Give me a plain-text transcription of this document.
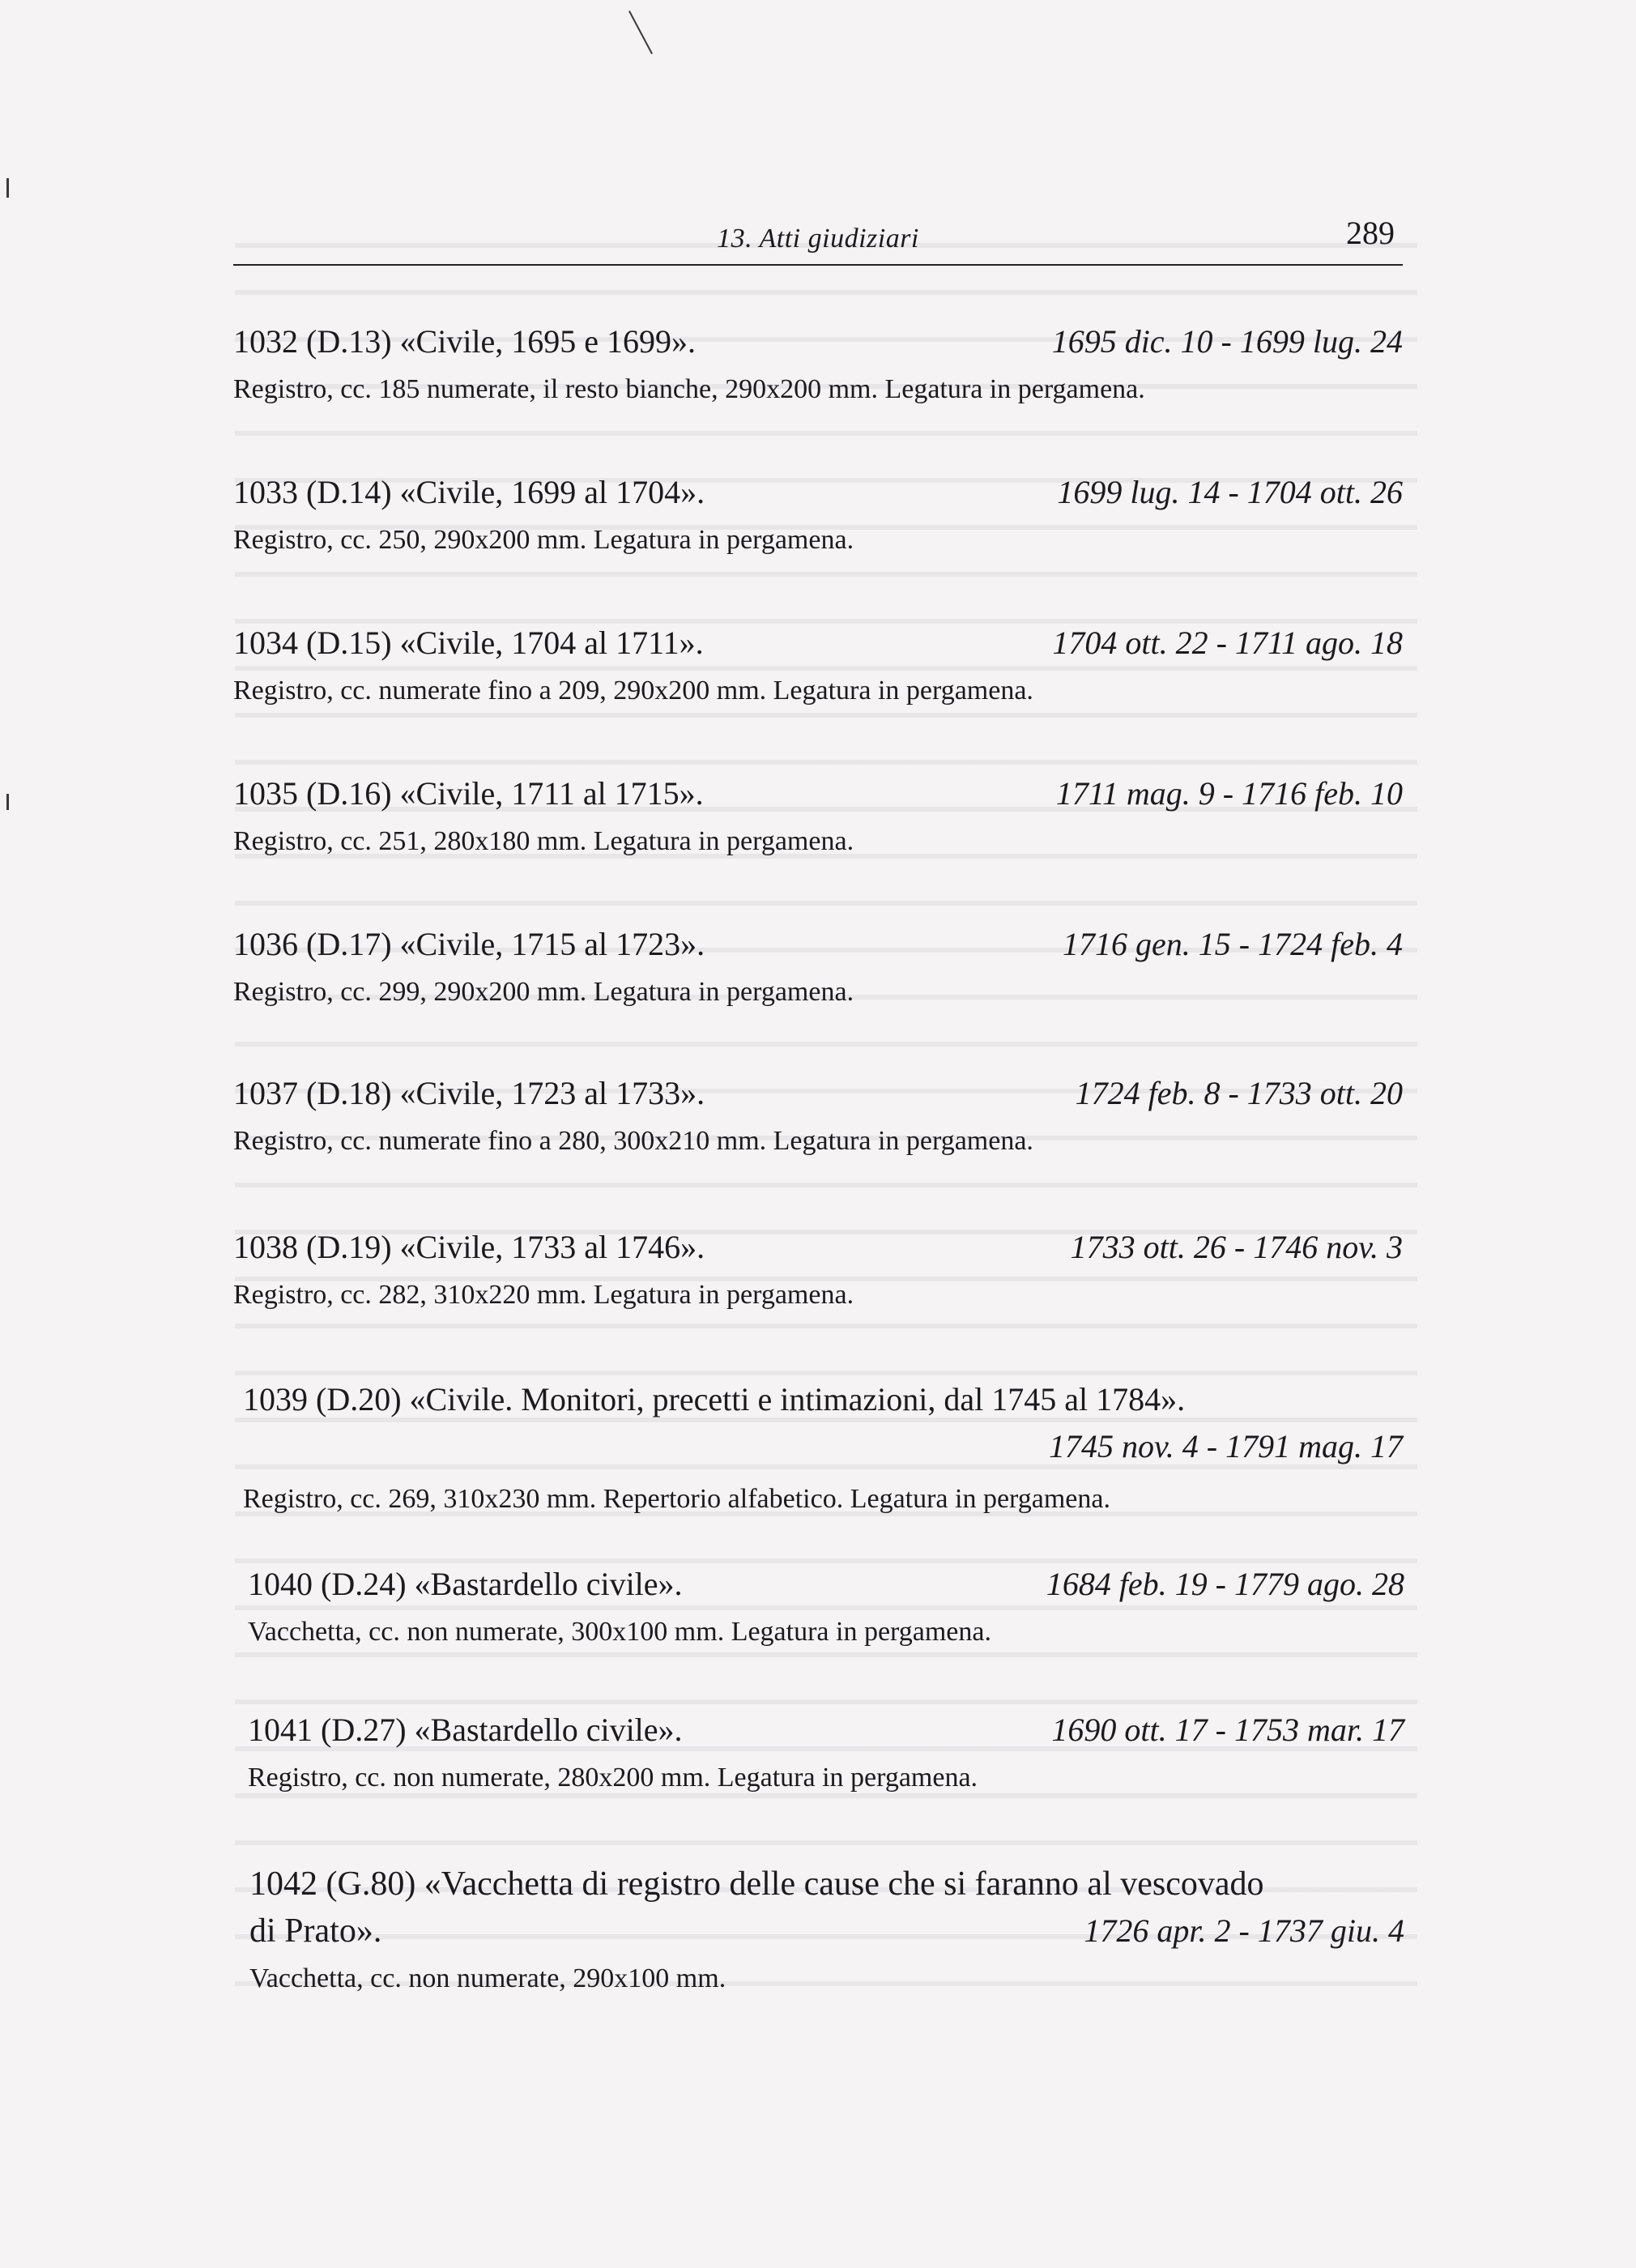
13. Atti giudiziari	289
1032 (D.13) «Civile, 1695 e 1699».	1695 dic. 10 - 1699 lug. 24
Registro, cc. 185 numerate, il resto bianche, 290x200 mm. Legatura in pergamena.
1033 (D.14) «Civile, 1699 al 1704».	1699 lug. 14 - 1704 ott. 26
Registro, cc. 250, 290x200 mm. Legatura in pergamena.
1034 (D.15) «Civile, 1704 al 1711».	1704 ott. 22 - 1711 ago. 18
Registro, cc. numerate fino a 209, 290x200 mm. Legatura in pergamena.
1035 (D.16) «Civile, 1711 al 1715».	1711 mag. 9 - 1716 feb. 10
Registro, cc. 251, 280x180 mm. Legatura in pergamena.
1036 (D.17) «Civile, 1715 al 1723».	1716 gen. 15 - 1724 feb. 4
Registro, cc. 299, 290x200 mm. Legatura in pergamena.
1037 (D.18) «Civile, 1723 al 1733».	1724 feb. 8 - 1733 ott. 20
Registro, cc. numerate fino a 280, 300x210 mm. Legatura in pergamena.
1038 (D.19) «Civile, 1733 al 1746».	1733 ott. 26 - 1746 nov. 3
Registro, cc. 282, 310x220 mm. Legatura in pergamena.
1039 (D.20) «Civile. Monitori, precetti e intimazioni, dal 1745 al 1784».
1745 nov. 4 - 1791 mag. 17
Registro, cc. 269, 310x230 mm. Repertorio alfabetico. Legatura in pergamena.
1040 (D.24) «Bastardello civile».	1684 feb. 19 - 1779 ago. 28
Vacchetta, cc. non numerate, 300x100 mm. Legatura in pergamena.
1041 (D.27) «Bastardello civile».	1690 ott. 17 - 1753 mar. 17
Registro, cc. non numerate, 280x200 mm. Legatura in pergamena.
1042 (G.80) «Vacchetta di registro delle cause che si faranno al vescovado
di Prato».	1726 apr. 2 - 1737 giu. 4
Vacchetta, cc. non numerate, 290x100 mm.
